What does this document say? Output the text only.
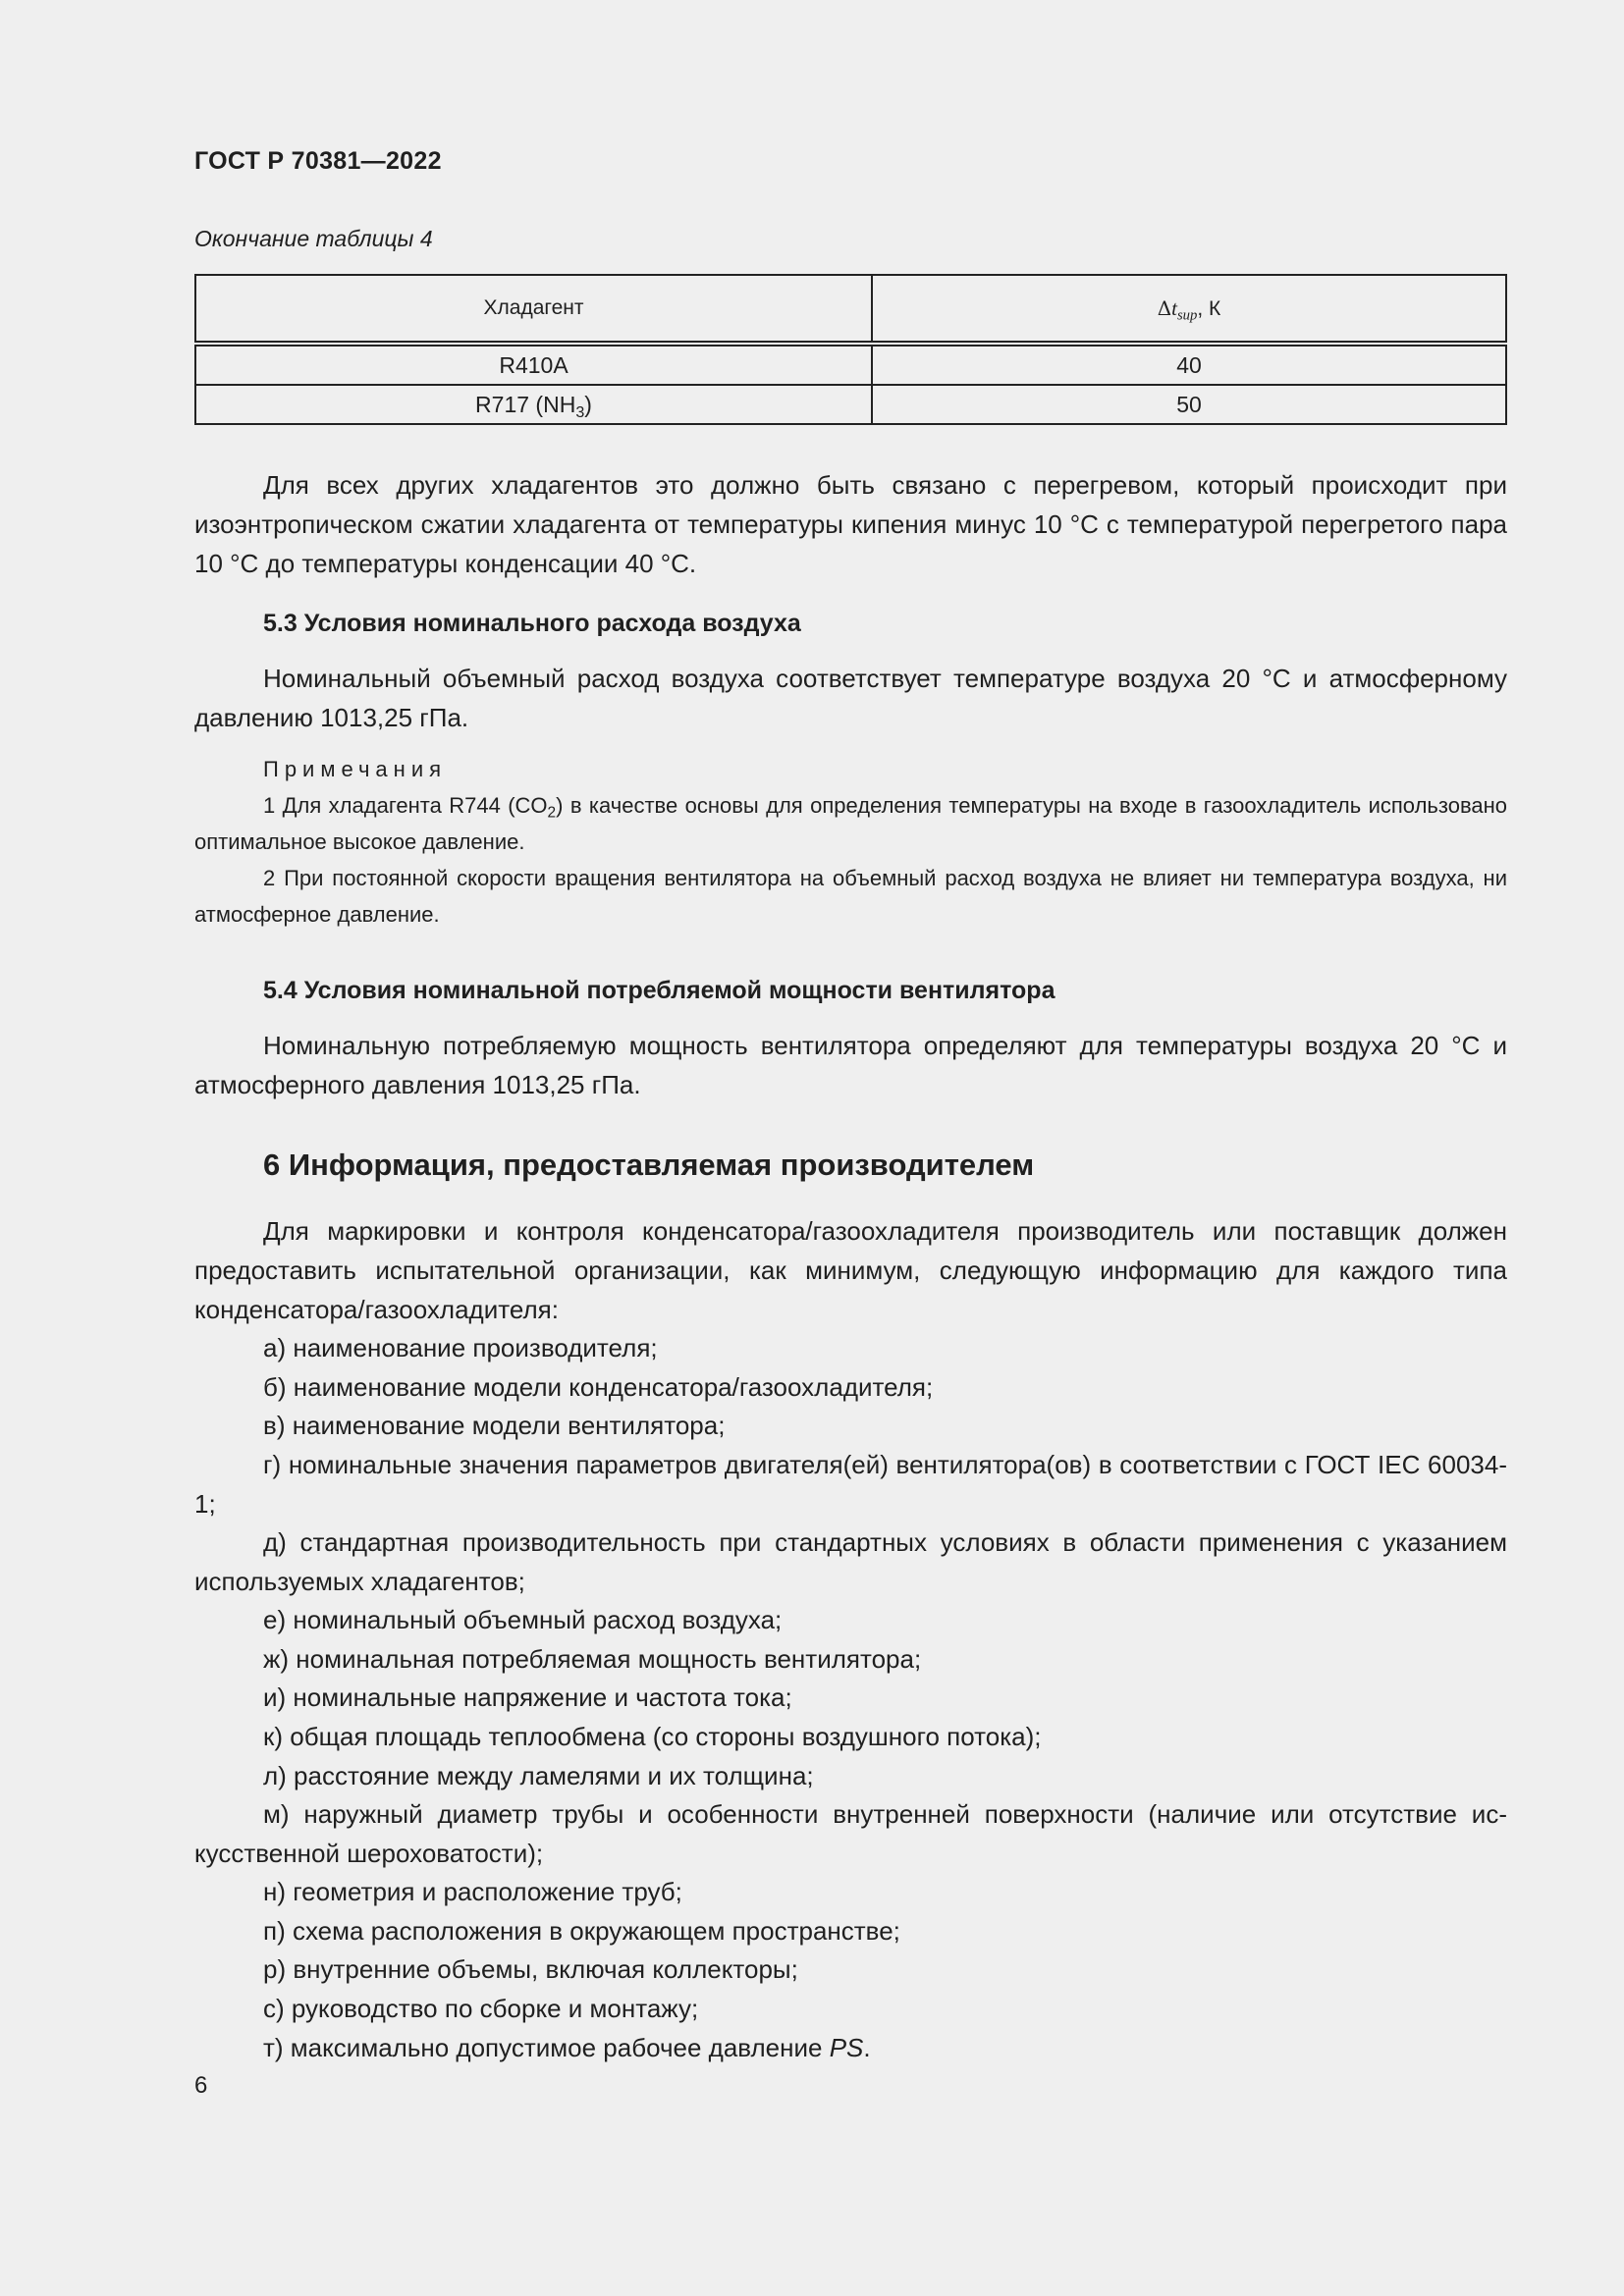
ГОСТ Р 70381—2022
Окончание таблицы 4
Хладагент	$\Delta t_{sup}$, К
R410A	40
R717 $(NH_3)$	50
Для всех других хладагентов это должно быть связано с перегревом, который происходит при изоэнтропическом сжатии хладагента от температуры кипения минус 10 °С с температурой перегретого пара 10 °С до температуры конденсации 40 °С.
5.3 Условия номинального расхода воздуха
Номинальный объемный расход воздуха соответствует температуре воздуха 20 °С и атмосферному давлению 1013,25 гПа.
Примечания
1 Для хладагента R744 $(CO_2)$ в качестве основы для определения температуры на входе в газоохладитель использовано оптимальное высокое давление.
2 При постоянной скорости вращения вентилятора на объемный расход воздуха не влияет ни температура воздуха, ни атмосферное давление.
5.4 Условия номинальной потребляемой мощности вентилятора
Номинальную потребляемую мощность вентилятора определяют для температуры воздуха 20 °С и атмосферного давления 1013,25 гПа.
6 Информация, предоставляемая производителем
Для маркировки и контроля конденсатора/газоохладителя производитель или поставщик должен предоставить испытательной организации, как минимум, следующую информацию для каждого типа конденсатора/газоохладителя:
а) наименование производителя;
б) наименование модели конденсатора/газоохладителя;
в) наименование модели вентилятора;
г) номинальные значения параметров двигателя(ей) вентилятора(ов) в соответствии с ГОСТ IEC 60034-1;
д) стандартная производительность при стандартных условиях в области применения с указанием используемых хладагентов;
е) номинальный объемный расход воздуха;
ж) номинальная потребляемая мощность вентилятора;
и) номинальные напряжение и частота тока;
к) общая площадь теплообмена (со стороны воздушного потока);
л) расстояние между ламелями и их толщина;
м) наружный диаметр трубы и особенности внутренней поверхности (наличие или отсутствие искусственной шероховатости);
н) геометрия и расположение труб;
п) схема расположения в окружающем пространстве;
р) внутренние объемы, включая коллекторы;
с) руководство по сборке и монтажу;
т) максимально допустимое рабочее давление PS.
6
